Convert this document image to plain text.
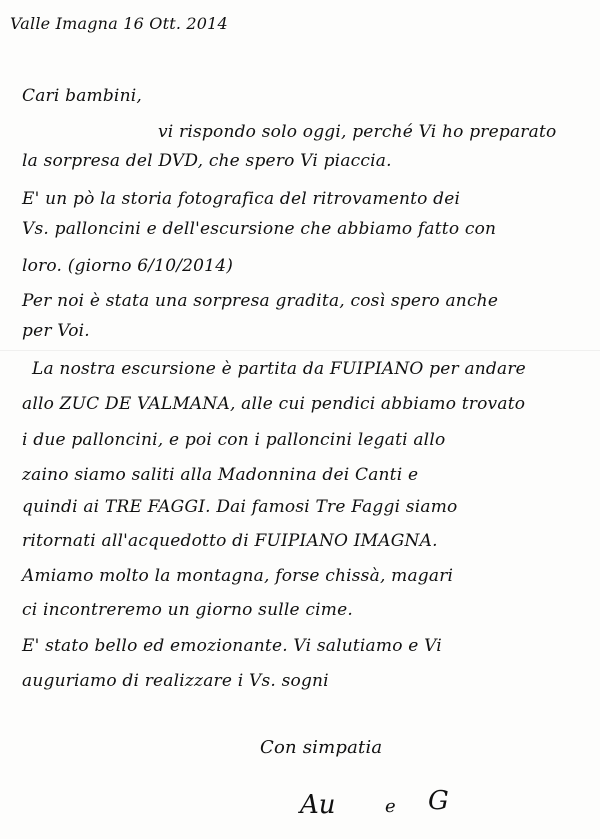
Valle Imagna 16 Ott. 2014
Cari bambini,
vi rispondo solo oggi, perché Vi ho preparato
la sorpresa del DVD, che spero Vi piaccia.
E' un pò la storia fotografica del ritrovamento dei
Vs. palloncini e dell'escursione che abbiamo fatto con
loro. (giorno 6/10/2014)
Per noi è stata una sorpresa gradita, così spero anche
per Voi.
La nostra escursione è partita da FUIPIANO per andare
allo ZUC DE VALMANA, alle cui pendici abbiamo trovato
i due palloncini, e poi con i palloncini legati allo
zaino siamo saliti alla Madonnina dei Canti e
quindi ai TRE FAGGI. Dai famosi Tre Faggi siamo
ritornati all'acquedotto di FUIPIANO IMAGNA.
Amiamo molto la montagna, forse chissà, magari
ci incontreremo un giorno sulle cime.
E' stato bello ed emozionante. Vi salutiamo e Vi
auguriamo di realizzare i Vs. sogni
Con simpatia
Au	e G
